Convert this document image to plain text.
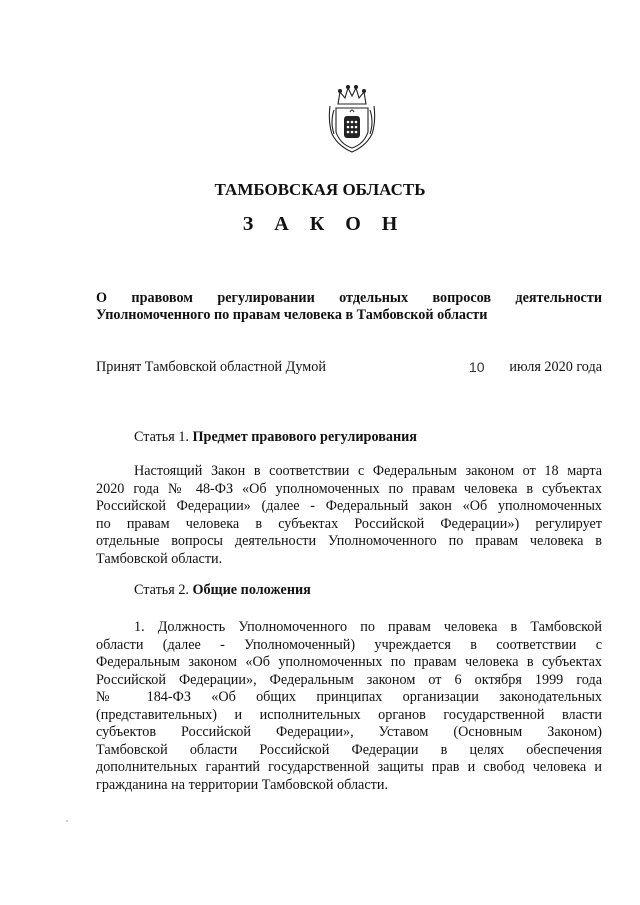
ТАМБОВСКАЯ ОБЛАСТЬ
З А К О Н
О правовом регулировании отдельных вопросов деятельности
Уполномоченного по правам человека в Тамбовской области
Принят Тамбовской областной Думой	10 июля 2020 года
Статья 1. Предмет правового регулирования
Настоящий Закон в соответствии с Федеральным законом от 18 марта
2020 года № 48-ФЗ «Об уполномоченных по правам человека в субъектах
Российской Федерации» (далее - Федеральный закон «Об уполномоченных
по правам человека в субъектах Российской Федерации») регулирует
отдельные вопросы деятельности Уполномоченного по правам человека в
Тамбовской области.
Статья 2. Общие положения
1. Должность Уполномоченного по правам человека в Тамбовской
области (далее - Уполномоченный) учреждается в соответствии с
Федеральным законом «Об уполномоченных по правам человека в субъектах
Российской Федерации», Федеральным законом от 6 октября 1999 года
№ 184-ФЗ «Об общих принципах организации законодательных
(представительных) и исполнительных органов государственной власти
субъектов Российской Федерации», Уставом (Основным Законом)
Тамбовской области Российской Федерации в целях обеспечения
дополнительных гарантий государственной защиты прав и свобод человека и
гражданина на территории Тамбовской области.
